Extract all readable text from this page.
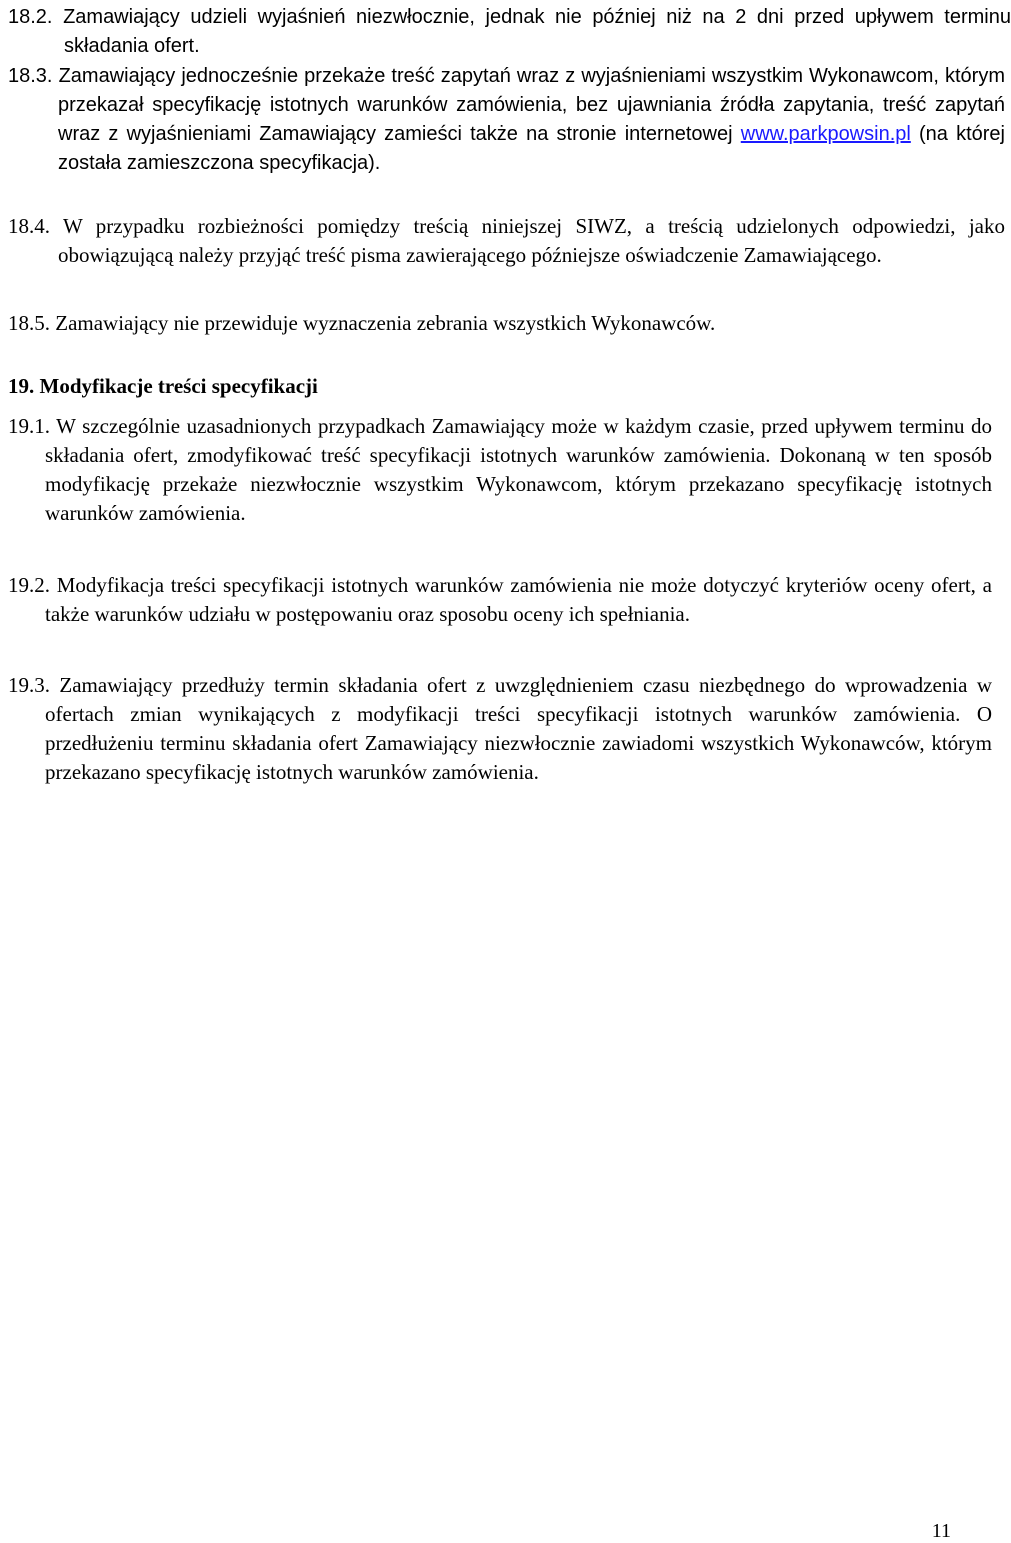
18.2. Zamawiający udzieli wyjaśnień niezwłocznie, jednak nie później niż na 2 dni przed upływem terminu składania ofert.
18.3. Zamawiający jednocześnie przekaże treść zapytań wraz z wyjaśnieniami wszystkim Wykonawcom, którym przekazał specyfikację istotnych warunków zamówienia, bez ujawniania źródła zapytania, treść zapytań wraz z wyjaśnieniami Zamawiający zamieści także na stronie internetowej www.parkpowsin.pl (na której została zamieszczona specyfikacja).
18.4. W przypadku rozbieżności pomiędzy treścią niniejszej SIWZ, a treścią udzielonych odpowiedzi, jako obowiązującą należy przyjąć treść pisma zawierającego późniejsze oświadczenie Zamawiającego.
18.5. Zamawiający nie przewiduje wyznaczenia zebrania wszystkich Wykonawców.
19. Modyfikacje treści specyfikacji
19.1. W szczególnie uzasadnionych przypadkach Zamawiający może w każdym czasie, przed upływem terminu do składania ofert, zmodyfikować treść specyfikacji istotnych warunków zamówienia. Dokonaną w ten sposób modyfikację przekaże niezwłocznie wszystkim Wykonawcom, którym przekazano specyfikację istotnych warunków zamówienia.
19.2. Modyfikacja treści specyfikacji istotnych warunków zamówienia nie może dotyczyć kryteriów oceny ofert, a także warunków udziału w postępowaniu oraz sposobu oceny ich spełniania.
19.3. Zamawiający przedłuży termin składania ofert z uwzględnieniem czasu niezbędnego do wprowadzenia w ofertach zmian wynikających z modyfikacji treści specyfikacji istotnych warunków zamówienia. O przedłużeniu terminu składania ofert Zamawiający niezwłocznie zawiadomi wszystkich Wykonawców, którym przekazano specyfikację istotnych warunków zamówienia.
11
